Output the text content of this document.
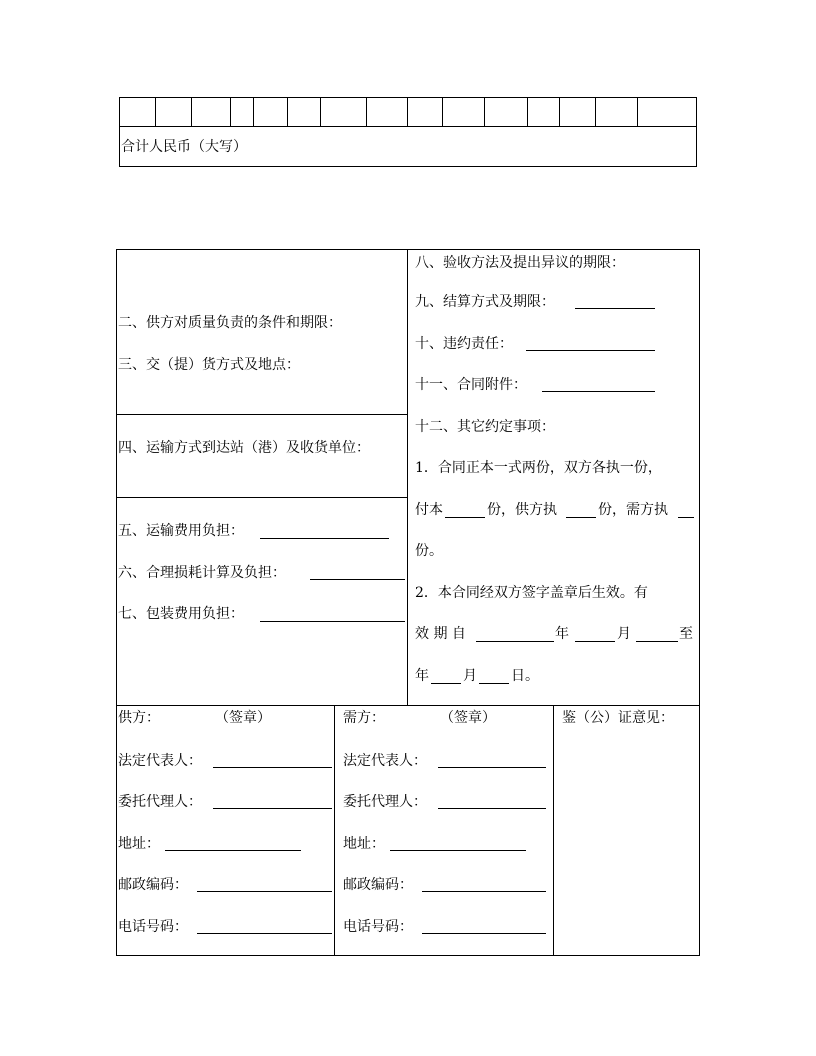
合计人民币（大写）
二、供方对质量负责的条件和期限：
三、交（提）货方式及地点：
四、运输方式到达站（港）及收货单位：
五、运输费用负担：
六、合理损耗计算及负担：
七、包装费用负担：
八、验收方法及提出异议的期限：
九、结算方式及期限：
十、违约责任：
十一、合同附件：
十二、其它约定事项：
1．合同正本一式两份，双方各执一份，
付本	份，供方执	份，需方执
份。
2．本合同经双方签字盖章后生效。有
效 期 自	年	月	至
年 月 日。
供方：	（签章）
法定代表人：
委托代理人：
地址：
邮政编码：
电话号码：
需方：	（签章）
法定代表人：
委托代理人：
地址：
邮政编码：
电话号码：
鉴（公）证意见：
